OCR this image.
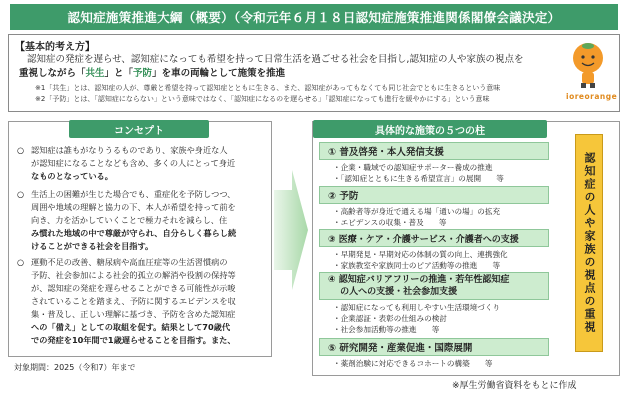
認知症施策推進大綱（概要）（令和元年６月１８日認知症施策推進関係閣僚会議決定）
【基本的考え方】
認知症の発症を遅らせ、認知症になっても希望を持って日常生活を過ごせる社会を目指し,認知症の人や家族の視点を
重視しながら「共生」と「予防」を車の両輪として施策を推進
※1「共生」とは、認知症の人が、尊厳と希望を持って認知症とともに生きる、また、認知症があってもなくても同じ社会でともに生きるという意味
※2「予防」とは、「認知症にならない」という意味ではなく、「認知症になるのを遅らせる」「認知症になっても進行を緩やかにする」という意味	ioreorange
コンセプト
○ 認知症は誰もがなりうるものであり、家族や身近な人
が認知症になることなども含め、多くの人にとって身近
なものとなっている。
○ 生活上の困難が生じた場合でも、重症化を予防しつつ、
周囲や地域の理解と協力の下、本人が希望を持って前を
向き、力を活かしていくことで極力それを減らし、住
み慣れた地域の中で尊厳が守られ、自分らしく暮らし続
けることができる社会を目指す。
○ 運動不足の改善、糖尿病や高血圧症等の生活習慣病の
予防、社会参加による社会的孤立の解消や役割の保持等
が、認知症の発症を遅らせることができる可能性が示唆
されていることを踏まえ、予防に関するエビデンスを収
集・普及し、正しい理解に基づき、予防を含めた認知症
への「備え」としての取組を促す。結果として70歳代
での発症を10年間で1歳遅らせることを目指す。また、
対象期間：2025（令和7）年まで
具体的な施策の５つの柱
① 普及啓発・本人発信支援
・企業・職域での認知症サポーター養成の推進
・「認知症とともに生きる希望宣言」の展開　　等
② 予防
・高齢者等が身近で通える場「通いの場」の拡充
・エビデンスの収集・普及　　等
③ 医療・ケア・介護サービス・介護者への支援
・早期発見・早期対応の体制の質の向上、連携強化
・家族教室や家族同士のピア活動等の推進　　等
④ 認知症バリアフリーの推進・若年性認知症
　 の人への支援・社会参加支援
・認知症になっても利用しやすい生活環境づくり
・企業認証・表彰の仕組みの検討
・社会参加活動等の推進　　等
⑤ 研究開発・産業促進・国際展開
・薬剤治験に対応できるコホートの構築　　等
認知症の人や家族の視点の重視
※厚生労働省資料をもとに作成
